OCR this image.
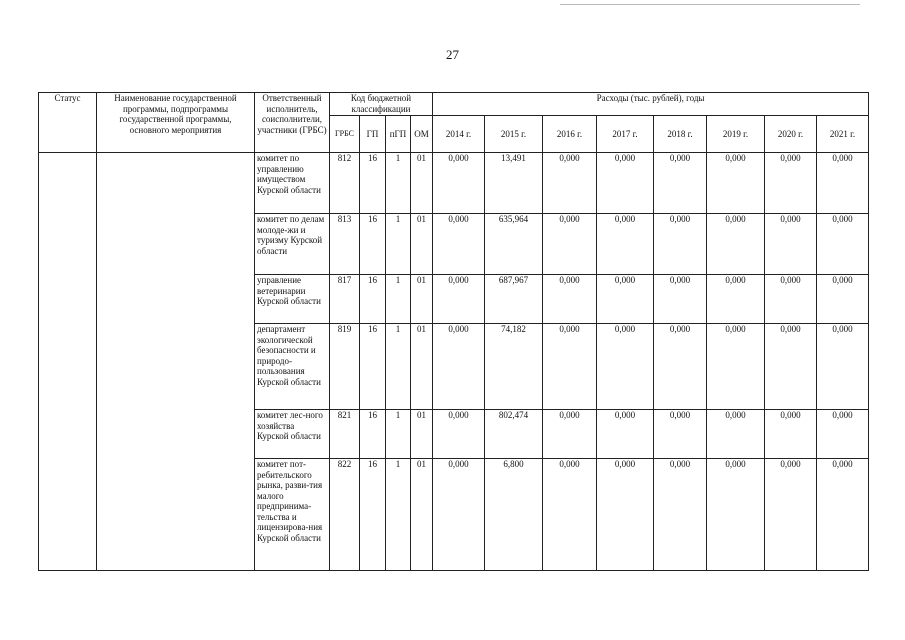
27
Статус	Наименование государственной программы, подпрограммы государственной программы, основного мероприятия	Ответственный исполнитель, соисполнители, участники (ГРБС)	Код бюджетной классификации				Расходы (тыс. рублей), годы							
			ГРБС	ГП	пГП	ОМ	2014 г.	2015 г.	2016 г.	2017 г.	2018 г.	2019 г.	2020 г.	2021 г.
		комитет по управлению имуществом Курской области	812	16	1	01	0,000	13,491	0,000	0,000	0,000	0,000	0,000	0,000
		комитет по делам молоде-жи и туризму Курской области	813	16	1	01	0,000	635,964	0,000	0,000	0,000	0,000	0,000	0,000
		управление ветеринарии Курской области	817	16	1	01	0,000	687,967	0,000	0,000	0,000	0,000	0,000	0,000
		департамент экологической безопасности и природо-пользования Курской области	819	16	1	01	0,000	74,182	0,000	0,000	0,000	0,000	0,000	0,000
		комитет лес-ного хозяйства Курской области	821	16	1	01	0,000	802,474	0,000	0,000	0,000	0,000	0,000	0,000
		комитет пот-ребительского рынка, разви-тия малого предпринима-тельства и лицензирова-ния Курской области	822	16	1	01	0,000	6,800	0,000	0,000	0,000	0,000	0,000	0,000
